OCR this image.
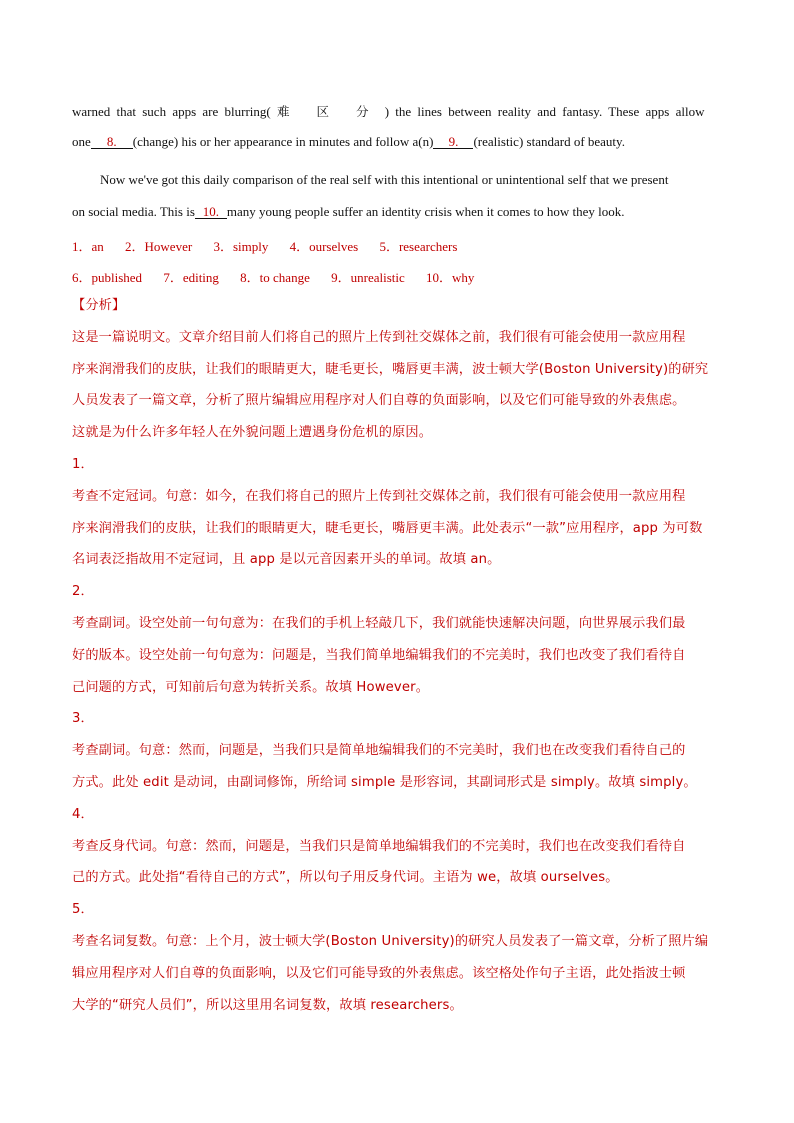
warned that such apps are blurring( 难 区 分 ) the lines between reality and fantasy. These apps allow
one 8. (change) his or her appearance in minutes and follow a(n) 9. (realistic) standard of beauty.
Now we've got this daily comparison of the real self with this intentional or unintentional self that we present
on social media. This is 10. many young people suffer an identity crisis when it comes to how they look.
1．an 2．However 3．simply 4．ourselves 5．researchers
6．published 7．editing 8．to change 9．unrealistic 10．why
【分析】
这是一篇说明文。文章介绍目前人们将自己的照片上传到社交媒体之前，我们很有可能会使用一款应用程
序来润滑我们的皮肤，让我们的眼睛更大，睫毛更长，嘴唇更丰满，波士顿大学(Boston University)的研究
人员发表了一篇文章，分析了照片编辑应用程序对人们自尊的负面影响，以及它们可能导致的外表焦虑。
这就是为什么许多年轻人在外貌问题上遭遇身份危机的原因。
1．
考查不定冠词。句意：如今，在我们将自己的照片上传到社交媒体之前，我们很有可能会使用一款应用程
序来润滑我们的皮肤，让我们的眼睛更大，睫毛更长，嘴唇更丰满。此处表示“一款”应用程序，app 为可数
名词表泛指故用不定冠词，且 app 是以元音因素开头的单词。故填 an。
2．
考查副词。设空处前一句句意为：在我们的手机上轻敲几下，我们就能快速解决问题，向世界展示我们最
好的版本。设空处前一句句意为：问题是，当我们简单地编辑我们的不完美时，我们也改变了我们看待自
己问题的方式，可知前后句意为转折关系。故填 However。
3．
考查副词。句意：然而，问题是，当我们只是简单地编辑我们的不完美时，我们也在改变我们看待自己的
方式。此处 edit 是动词，由副词修饰，所给词 simple 是形容词，其副词形式是 simply。故填 simply。
4．
考查反身代词。句意：然而，问题是，当我们只是简单地编辑我们的不完美时，我们也在改变我们看待自
己的方式。此处指“看待自己的方式”，所以句子用反身代词。主语为 we，故填 ourselves。
5．
考查名词复数。句意：上个月，波士顿大学(Boston University)的研究人员发表了一篇文章，分析了照片编
辑应用程序对人们自尊的负面影响，以及它们可能导致的外表焦虑。该空格处作句子主语，此处指波士顿
大学的“研究人员们”，所以这里用名词复数，故填 researchers。
